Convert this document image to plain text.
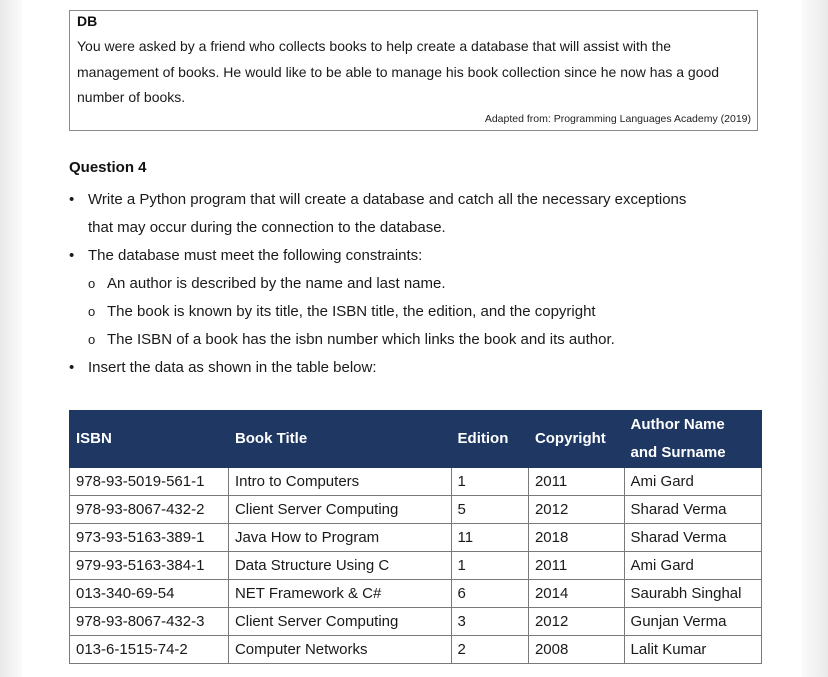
DB
You were asked by a friend who collects books to help create a database that will assist with the
management of books. He would like to be able to manage his book collection since he now has a good
number of books.
Adapted from: Programming Languages Academy (2019)
Question 4
• Write a Python program that will create a database and catch all the necessary exceptions
that may occur during the connection to the database.
• The database must meet the following constraints:
o An author is described by the name and last name.
o The book is known by its title, the ISBN title, the edition, and the copyright
o The ISBN of a book has the isbn number which links the book and its author.
• Insert the data as shown in the table below:
ISBN	Book Title	Edition	Copyright	Author Name
and Surname

978-93-5019-561-1	Intro to Computers	1	2011	Ami Gard
978-93-8067-432-2	Client Server Computing	5	2012	Sharad Verma
973-93-5163-389-1	Java How to Program	11	2018	Sharad Verma
979-93-5163-384-1	Data Structure Using C	1	2011	Ami Gard
013-340-69-54	NET Framework & C#	6	2014	Saurabh Singhal
978-93-8067-432-3	Client Server Computing	3	2012	Gunjan Verma
013-6-1515-74-2	Computer Networks	2	2008	Lalit Kumar
